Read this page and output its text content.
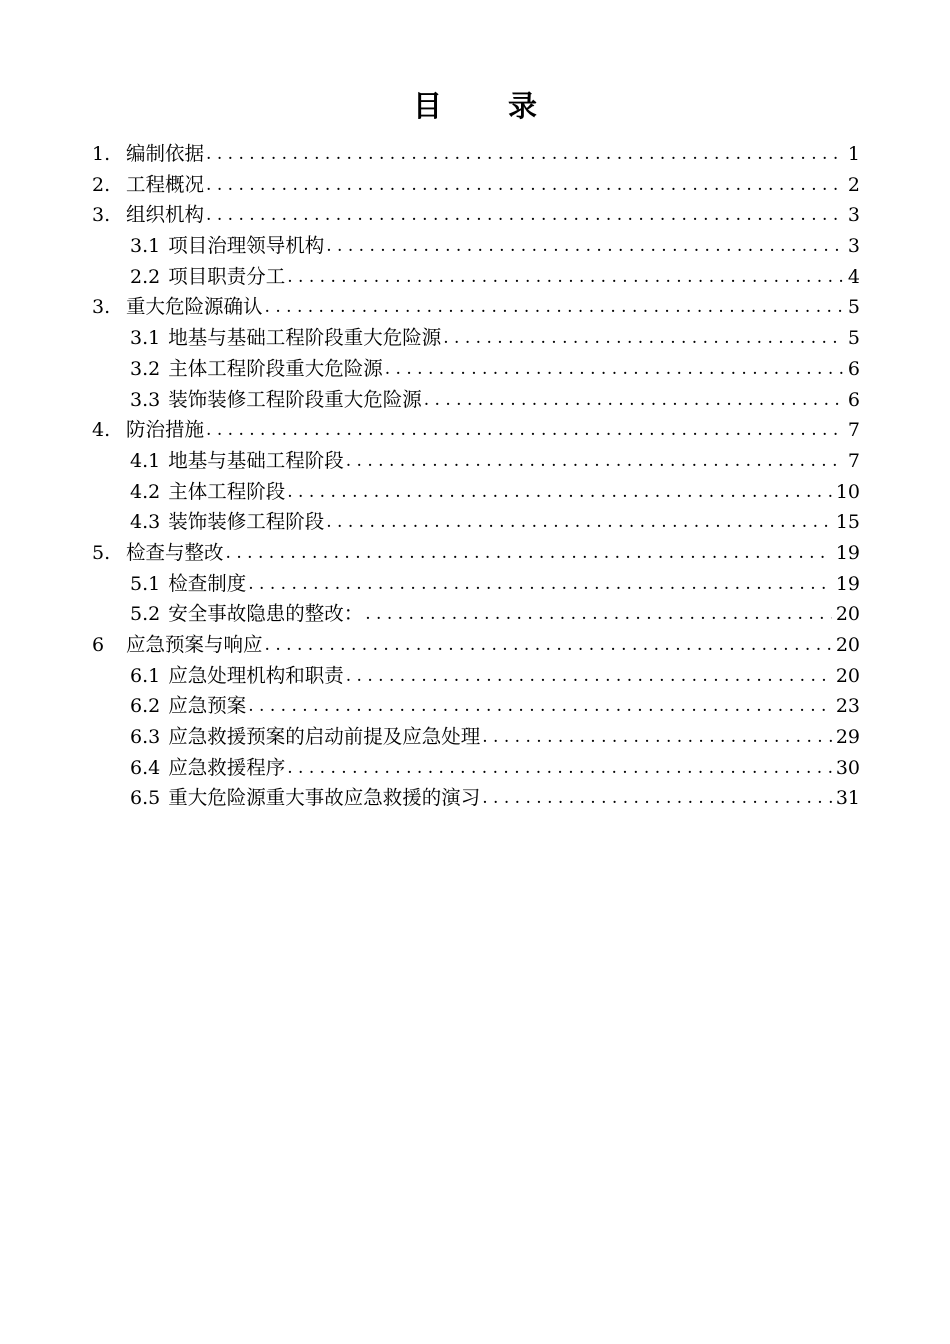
目 录
1. 编制依据 . . .	1
2. 工程概况 . . .	2
3. 组织机构 . . .	3
3.1 项目治理领导机构 . . .	3
2.2 项目职责分工 . . .	4
3. 重大危险源确认 . . .	5
3.1 地基与基础工程阶段重大危险源 . . .	5
3.2 主体工程阶段重大危险源 . . .	6
3.3 装饰装修工程阶段重大危险源 . . .	6
4. 防治措施 . . .	7
4.1 地基与基础工程阶段 . . .	7
4.2 主体工程阶段 . . .	10
4.3 装饰装修工程阶段 . . .	15
5. 检查与整改 . . .	19
5.1 检查制度 . . .	19
5.2 安全事故隐患的整改： . . .	20
6	应急预案与响应 . . .	20
6.1 应急处理机构和职责 . . .	20
6.2 应急预案 . . .	23
6.3 应急救援预案的启动前提及应急处理 . . .	29
6.4 应急救援程序 . . .	30
6.5 重大危险源重大事故应急救援的演习 . . .	31
